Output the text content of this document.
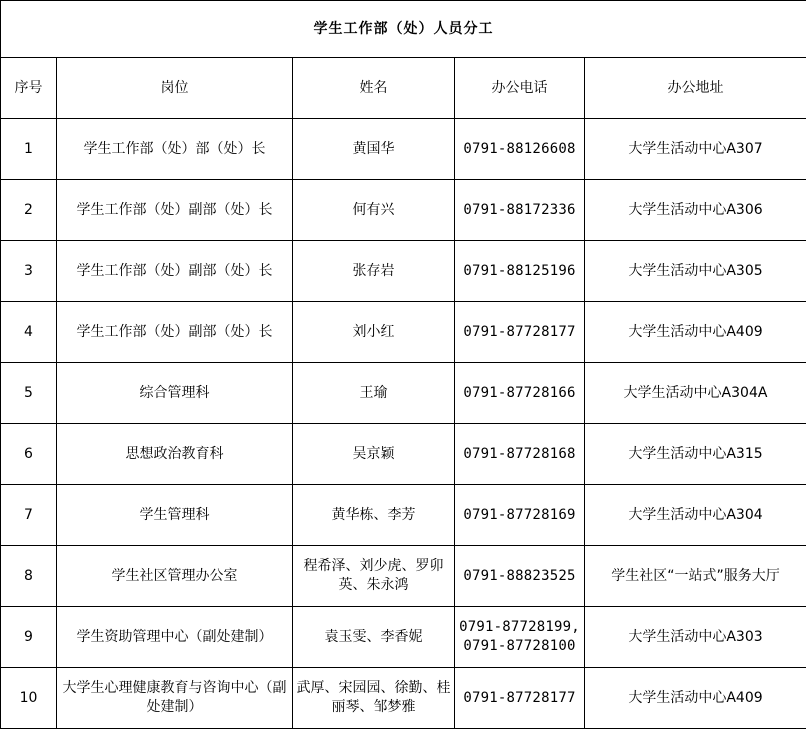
学生工作部（处）人员分工				
序号	岗位	姓名	办公电话	办公地址
1	学生工作部（处）部（处）长	黄国华	0791-88126608	大学生活动中心A307
2	学生工作部（处）副部（处）长	何有兴	0791-88172336	大学生活动中心A306
3	学生工作部（处）副部（处）长	张存岩	0791-88125196	大学生活动中心A305
4	学生工作部（处）副部（处）长	刘小红	0791-87728177	大学生活动中心A409
5	综合管理科	王瑜	0791-87728166	大学生活动中心A304A
6	思想政治教育科	吴京颖	0791-87728168	大学生活动中心A315
7	学生管理科	黄华栋、李芳	0791-87728169	大学生活动中心A304
8	学生社区管理办公室	程希泽、刘少虎、罗卯英、朱永鸿	0791-88823525	学生社区“一站式”服务大厅
9	学生资助管理中心（副处建制）	袁玉雯、李香妮	0791-87728199,0791-87728100	大学生活动中心A303
10	大学生心理健康教育与咨询中心（副处建制）	武厚、宋园园、徐勤、桂丽琴、邹梦雅	0791-87728177	大学生活动中心A409
